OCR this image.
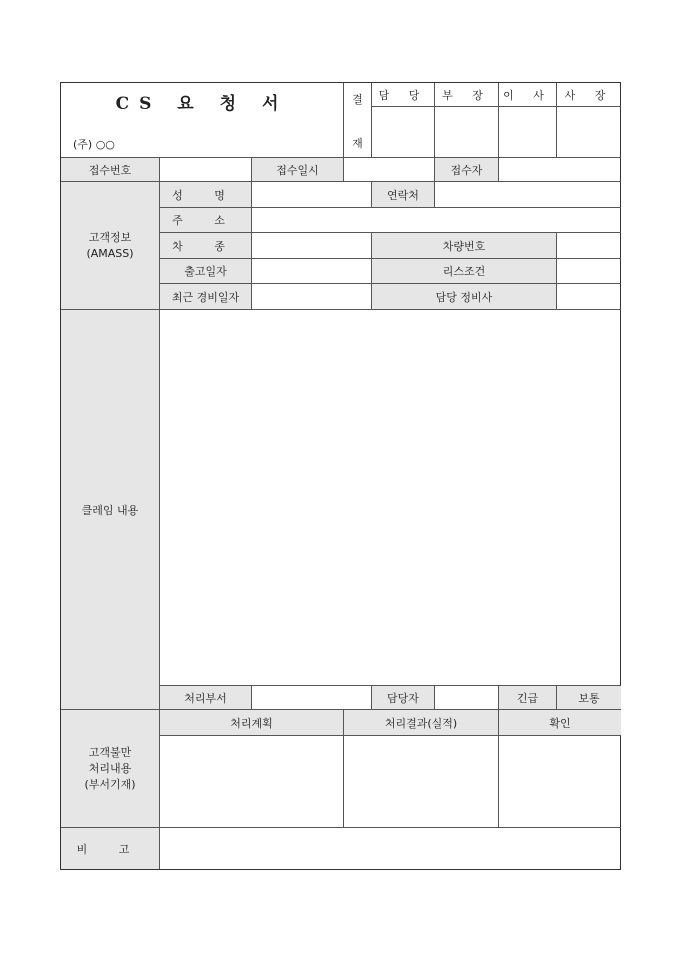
CS 요 청 서
(주) ○○
결
재
담 당	부 장	이 사	사 장
접수번호	접수일시	접수자
고객정보
(AMASS)
성 명	연락처
주 소
차 종	차량번호
출고일자	리스조건
최근 경비일자	담당 정비사
클레임 내용
처리부서	담당자	긴급	보통
고객불만
처리내용
(부서기재)
처리계획	처리결과(실적)	확인
비 고
